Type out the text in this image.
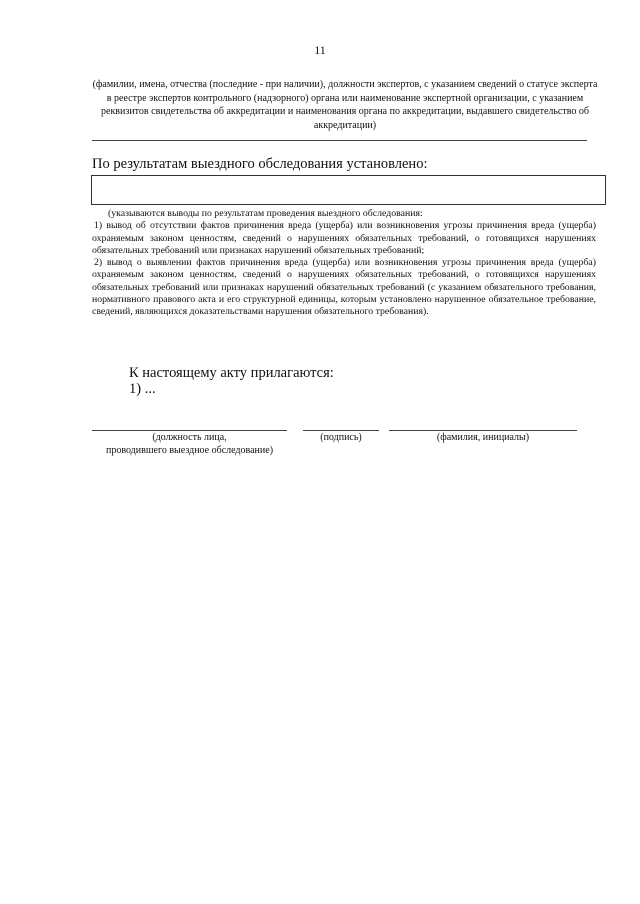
11
(фамилии, имена, отчества (последние - при наличии), должности экспертов, с указанием сведений о статусе эксперта в реестре экспертов контрольного (надзорного) органа или наименование экспертной организации, с указанием реквизитов свидетельства об аккредитации и наименования органа по аккредитации, выдавшего свидетельство об аккредитации)
По результатам выездного обследования установлено:

(указываются выводы по результатам проведения выездного обследования:

1) вывод об отсутствии фактов причинения вреда (ущерба) или возникновения угрозы причинения вреда (ущерба) охраняемым законом ценностям, сведений о нарушениях обязательных требований, о готовящихся нарушениях обязательных требований или признаках нарушений обязательных требований;

2) вывод о выявлении фактов причинения вреда (ущерба) или возникновения угрозы причинения вреда (ущерба) охраняемым законом ценностям, сведений о нарушениях обязательных требований, о готовящихся нарушениях обязательных требований или признаках нарушений обязательных требований (с указанием обязательного требования, нормативного правового акта и его структурной единицы, которым установлено нарушенное обязательное требование, сведений, являющихся доказательствами нарушения обязательного требования).

К настоящему акту прилагаются:
1) ...
(должность лица,
проводившего выездное обследование)
(подпись)	(фамилия, инициалы)
